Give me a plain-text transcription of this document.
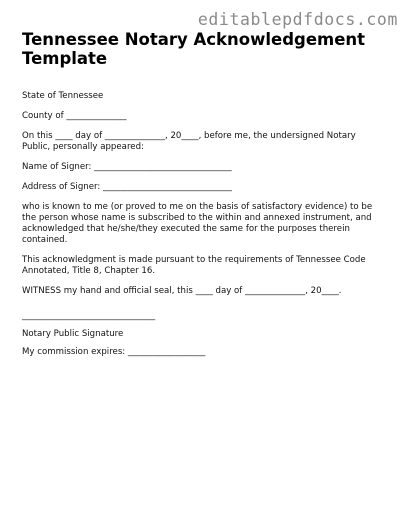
editablepdfdocs.com
Tennessee Notary Acknowledgement Template

State of Tennessee

County of ______________

On this ____ day of ______________, 20____, before me, the undersigned Notary Public, personally appeared:

Name of Signer: ________________________________

Address of Signer: ______________________________

who is known to me (or proved to me on the basis of satisfactory evidence) to be the person whose name is subscribed to the within and annexed instrument, and acknowledged that he/she/they executed the same for the purposes therein contained.

This acknowledgment is made pursuant to the requirements of Tennessee Code Annotated, Title 8, Chapter 16.

WITNESS my hand and official seal, this ____ day of ______________, 20____.

_______________________________

Notary Public Signature

My commission expires: __________________
